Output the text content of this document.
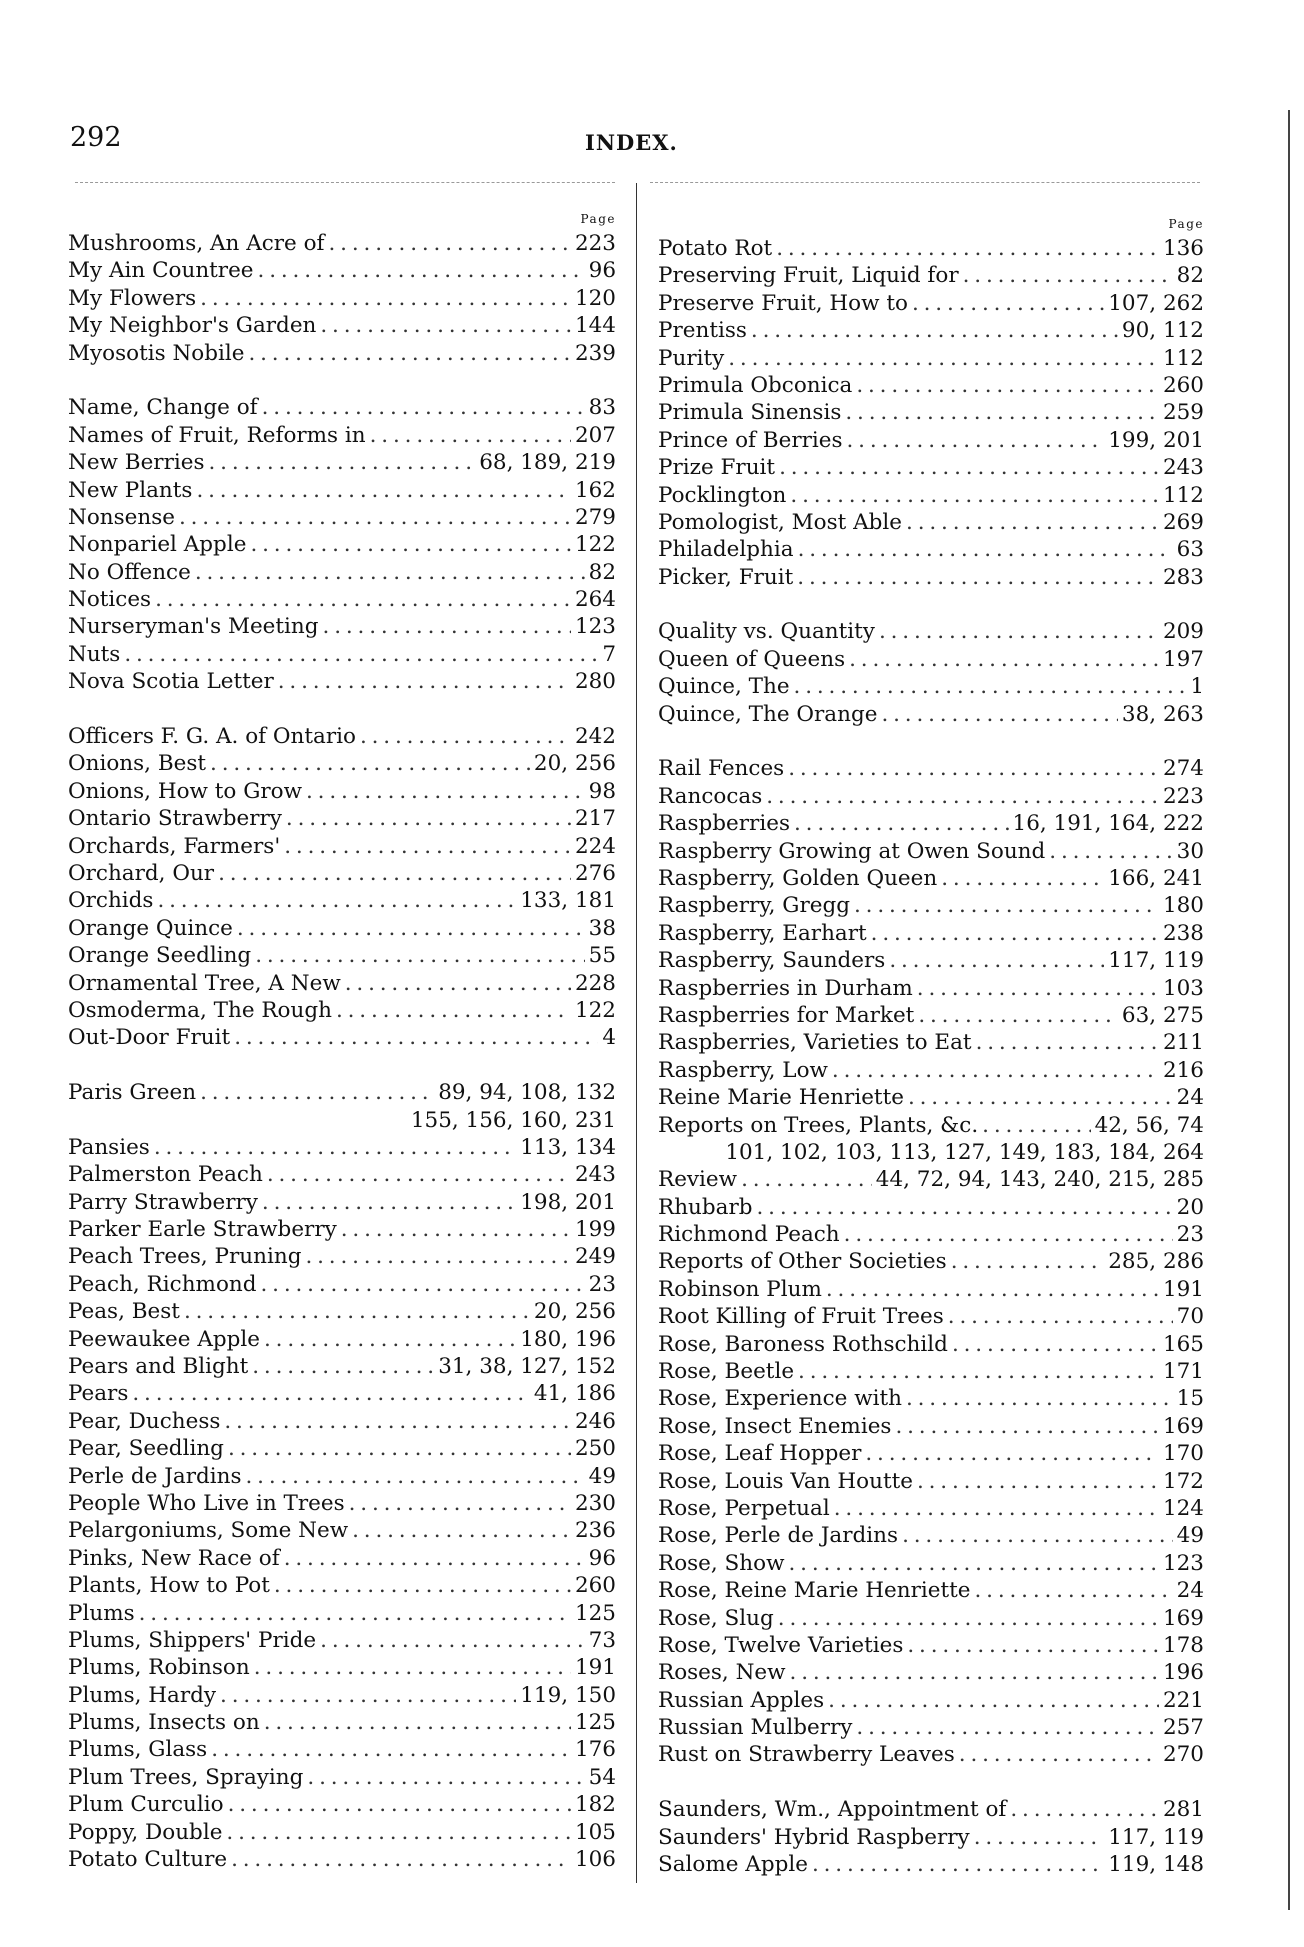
292	INDEX.
Page
Mushrooms, An Acre of . . .	223
My Ain Countree . . .	96
My Flowers . . .	120
My Neighbor's Garden . . .	144
Myosotis Nobile . . .	239
Name, Change of . . .	83
Names of Fruit, Reforms in . . .	207
New Berries . . .	68, 189, 219
New Plants . . .	162
Nonsense . . .	279
Nonpariel Apple . . .	122
No Offence . . .	82
Notices . . .	264
Nurseryman's Meeting . . .	123
Nuts . . .	7
Nova Scotia Letter . . .	280
Officers F. G. A. of Ontario . . .	242
Onions, Best . . .	20, 256
Onions, How to Grow . . .	98
Ontario Strawberry . . .	217
Orchards, Farmers' . . .	224
Orchard, Our . . .	276
Orchids . . .	133, 181
Orange Quince . . .	38
Orange Seedling . . .	55
Ornamental Tree, A New . . .	228
Osmoderma, The Rough . . .	122
Out-Door Fruit . . .	4
Paris Green . . .	89, 94, 108, 132
155, 156, 160, 231
Pansies . . .	113, 134
Palmerston Peach . . .	243
Parry Strawberry . . .	198, 201
Parker Earle Strawberry . . .	199
Peach Trees, Pruning . . .	249
Peach, Richmond . . .	23
Peas, Best . . .	20, 256
Peewaukee Apple . . .	180, 196
Pears and Blight . . .	31, 38, 127, 152
Pears . . .	41, 186
Pear, Duchess . . .	246
Pear, Seedling . . .	250
Perle de Jardins . . .	49
People Who Live in Trees . . .	230
Pelargoniums, Some New . . .	236
Pinks, New Race of . . .	96
Plants, How to Pot . . .	260
Plums . . .	125
Plums, Shippers' Pride . . .	73
Plums, Robinson . . .	191
Plums, Hardy . . .	119, 150
Plums, Insects on . . .	125
Plums, Glass . . .	176
Plum Trees, Spraying . . .	54
Plum Curculio . . .	182
Poppy, Double . . .	105
Potato Culture . . .	106
Page
Potato Rot . . .	136
Preserving Fruit, Liquid for . . .	82
Preserve Fruit, How to . . .	107, 262
Prentiss . . .	90, 112
Purity . . .	112
Primula Obconica . . .	260
Primula Sinensis . . .	259
Prince of Berries . . .	199, 201
Prize Fruit . . .	243
Pocklington . . .	112
Pomologist, Most Able . . .	269
Philadelphia . . .	63
Picker, Fruit . . .	283
Quality vs. Quantity . . .	209
Queen of Queens . . .	197
Quince, The . . .	1
Quince, The Orange . . .	38, 263
Rail Fences . . .	274
Rancocas . . .	223
Raspberries . . .	16, 191, 164, 222
Raspberry Growing at Owen Sound . . .	30
Raspberry, Golden Queen . . .	166, 241
Raspberry, Gregg . . .	180
Raspberry, Earhart . . .	238
Raspberry, Saunders . . .	117, 119
Raspberries in Durham . . .	103
Raspberries for Market . . .	63, 275
Raspberries, Varieties to Eat . . .	211
Raspberry, Low . . .	216
Reine Marie Henriette . . .	24
Reports on Trees, Plants, &c. . . .	42, 56, 74
101, 102, 103, 113, 127, 149, 183, 184, 264
Review . . .	44, 72, 94, 143, 240, 215, 285
Rhubarb . . .	20
Richmond Peach . . .	23
Reports of Other Societies . . .	285, 286
Robinson Plum . . .	191
Root Killing of Fruit Trees . . .	70
Rose, Baroness Rothschild . . .	165
Rose, Beetle . . .	171
Rose, Experience with . . .	15
Rose, Insect Enemies . . .	169
Rose, Leaf Hopper . . .	170
Rose, Louis Van Houtte . . .	172
Rose, Perpetual . . .	124
Rose, Perle de Jardins . . .	49
Rose, Show . . .	123
Rose, Reine Marie Henriette . . .	24
Rose, Slug . . .	169
Rose, Twelve Varieties . . .	178
Roses, New . . .	196
Russian Apples . . .	221
Russian Mulberry . . .	257
Rust on Strawberry Leaves . . .	270
Saunders, Wm., Appointment of . . .	281
Saunders' Hybrid Raspberry . . .	117, 119
Salome Apple . . .	119, 148
